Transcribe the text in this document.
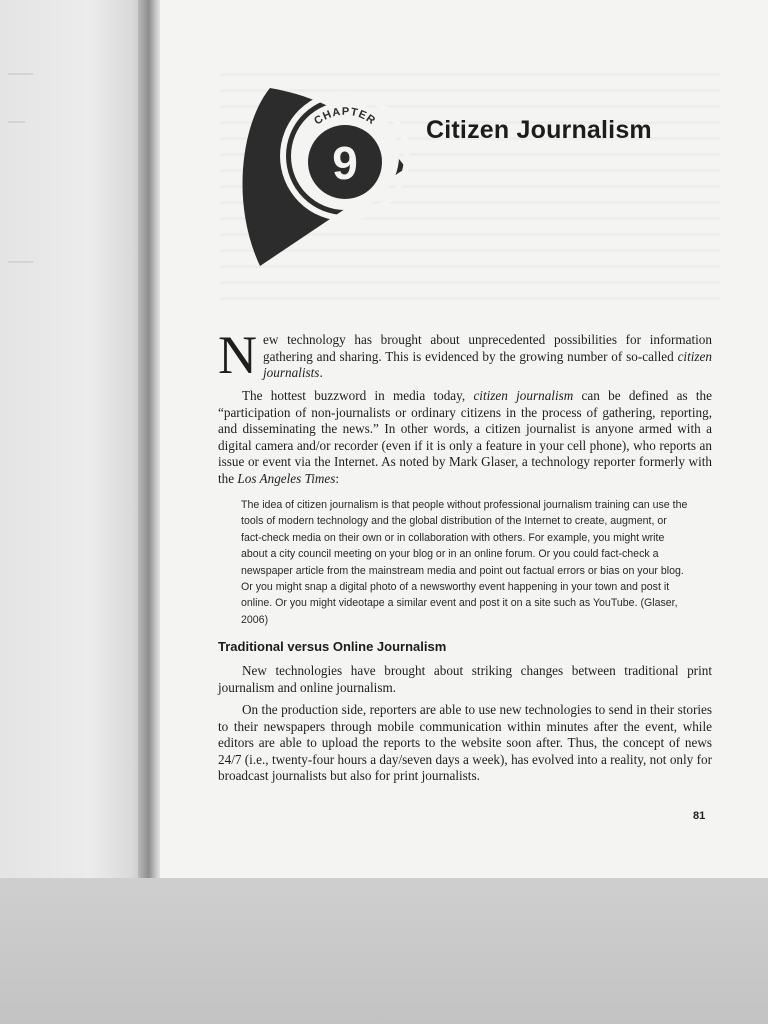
▁▁▁
▁▁
▁▁▁
CHAPTER
9
Citizen Journalism

New technology has brought about unprecedented possibilities for information gathering and sharing. This is evidenced by the growing number of so-called citizen journalists.

The hottest buzzword in media today, citizen journalism can be defined as the “participation of non-journalists or ordinary citizens in the process of gathering, reporting, and disseminating the news.” In other words, a citizen journalist is anyone armed with a digital camera and/or recorder (even if it is only a feature in your cell phone), who reports an issue or event via the Internet. As noted by Mark Glaser, a technology reporter formerly with the Los Angeles Times:

The idea of citizen journalism is that people without professional journalism training can use the tools of modern technology and the global distribution of the Internet to create, augment, or fact-check media on their own or in collaboration with others. For example, you might write about a city council meeting on your blog or in an online forum. Or you could fact-check a newspaper article from the mainstream media and point out factual errors or bias on your blog. Or you might snap a digital photo of a newsworthy event happening in your town and post it online. Or you might videotape a similar event and post it on a site such as YouTube. (Glaser, 2006)
Traditional versus Online Journalism

New technologies have brought about striking changes between traditional print journalism and online journalism.

On the production side, reporters are able to use new technologies to send in their stories to their newspapers through mobile communication within minutes after the event, while editors are able to upload the reports to the website soon after. Thus, the concept of news 24/7 (i.e., twenty-four hours a day/seven days a week), has evolved into a reality, not only for broadcast journalists but also for print journalists.

81
